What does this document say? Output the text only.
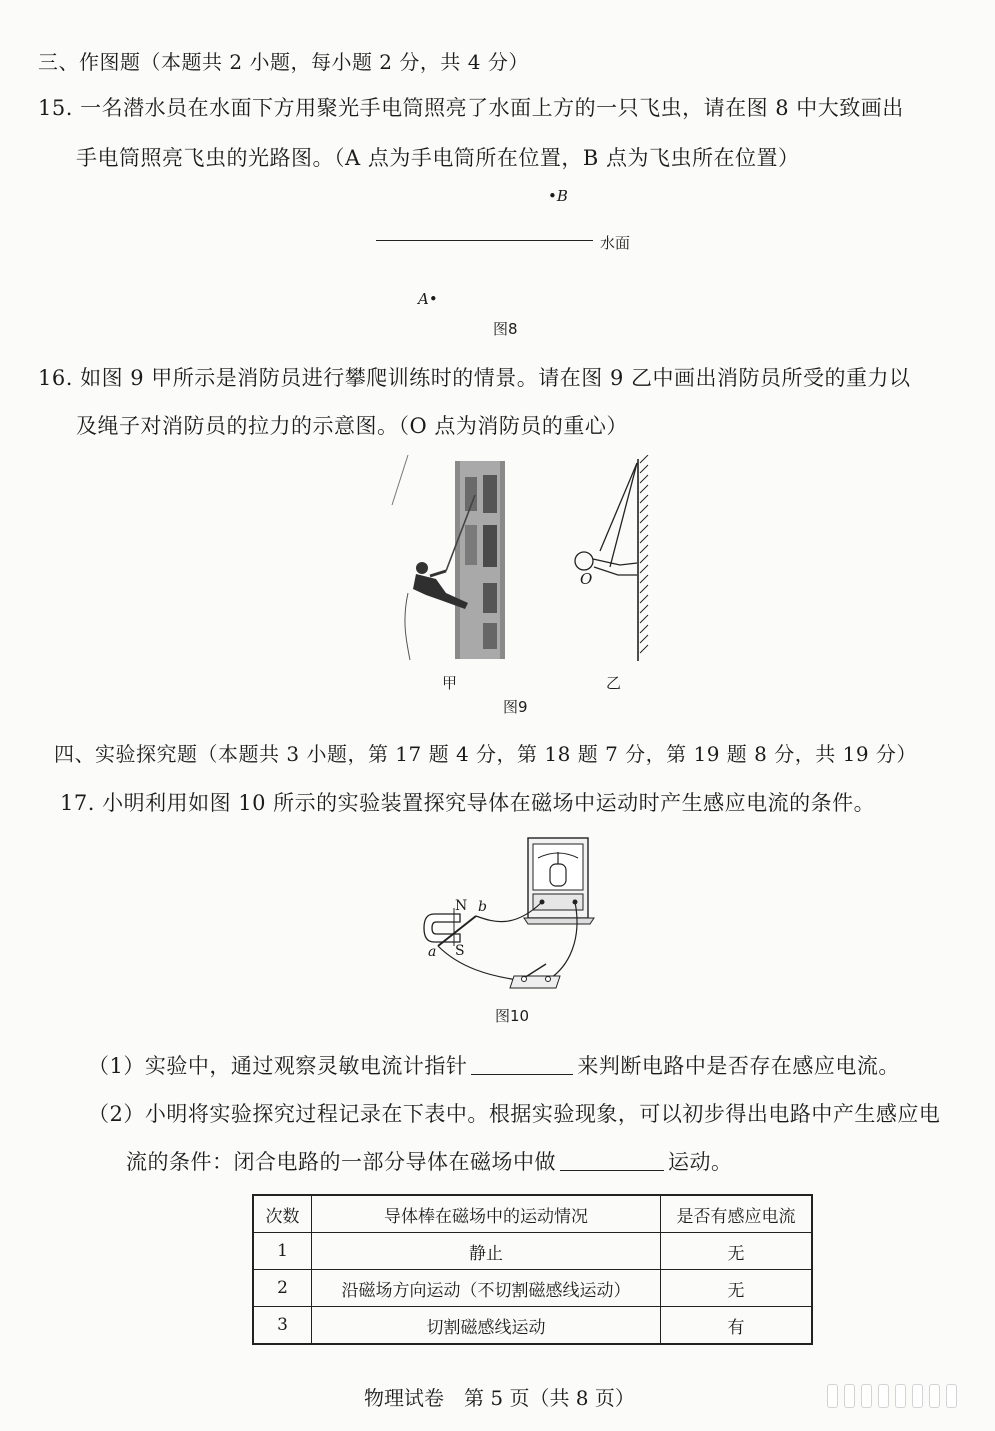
三、作图题（本题共 2 小题，每小题 2 分，共 4 分）
15. 一名潜水员在水面下方用聚光手电筒照亮了水面上方的一只飞虫，请在图 8 中大致画出
手电筒照亮飞虫的光路图。（A 点为手电筒所在位置，B 点为飞虫所在位置）
•B
水面
A•
图8
16. 如图 9 甲所示是消防员进行攀爬训练时的情景。请在图 9 乙中画出消防员所受的重力以
及绳子对消防员的拉力的示意图。（O 点为消防员的重心）
O
甲	乙
图9
四、实验探究题（本题共 3 小题，第 17 题 4 分，第 18 题 7 分，第 19 题 8 分，共 19 分）
17. 小明利用如图 10 所示的实验装置探究导体在磁场中运动时产生感应电流的条件。
N
S
b
a
图10
（1）实验中，通过观察灵敏电流计指针	来判断电路中是否存在感应电流。
（2）小明将实验探究过程记录在下表中。根据实验现象，可以初步得出电路中产生感应电
流的条件：闭合电路的一部分导体在磁场中做	运动。
次数	导体棒在磁场中的运动情况	是否有感应电流
1	静止	无
2	沿磁场方向运动（不切割磁感线运动）	无
3	切割磁感线运动	有
物理试卷　第 5 页（共 8 页）
